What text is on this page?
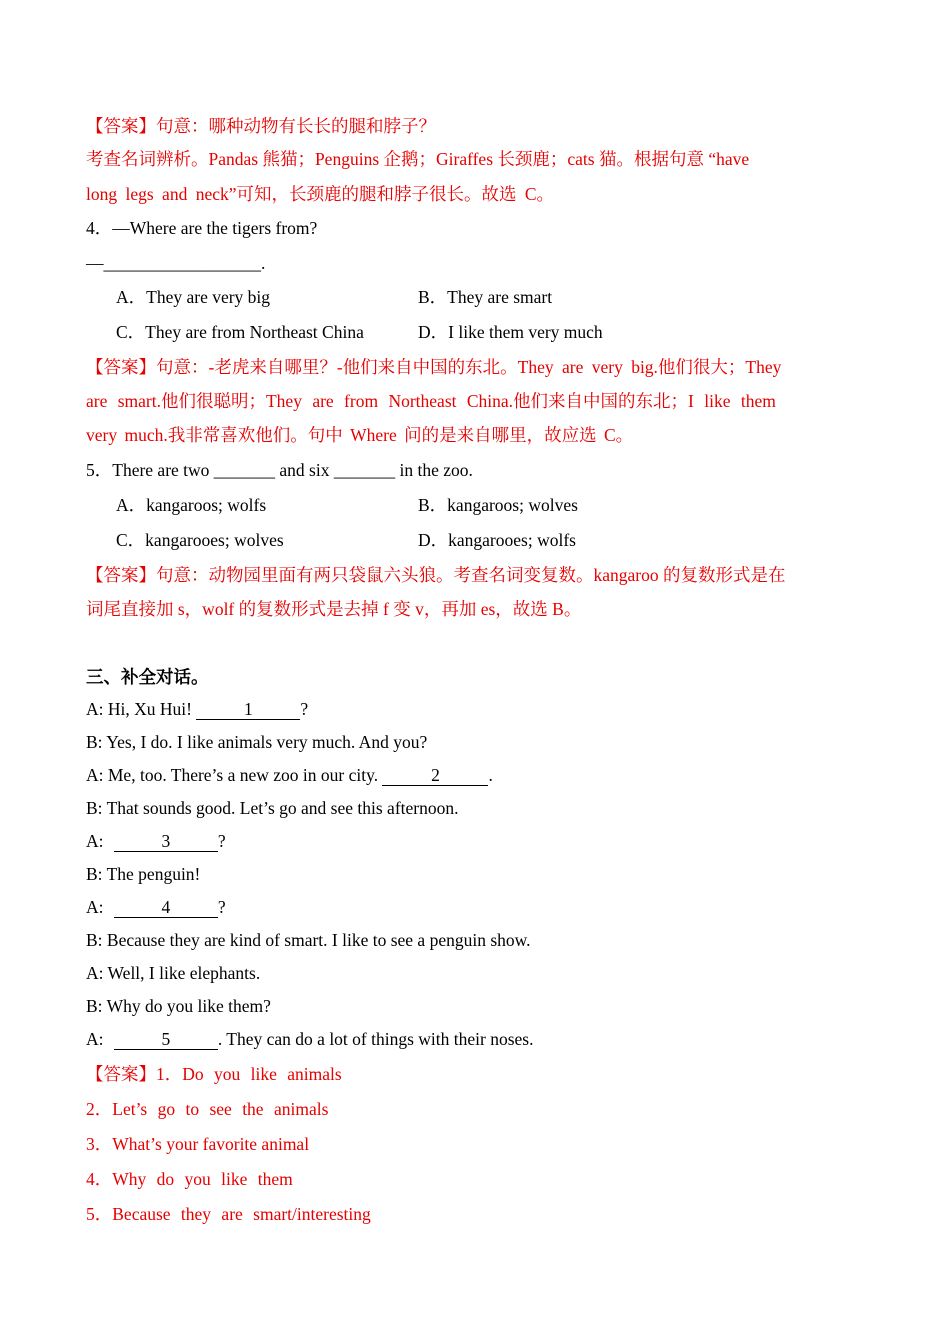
【答案】句意：哪种动物有长长的腿和脖子？
考查名词辨析。Pandas 熊猫；Penguins 企鹅；Giraffes 长颈鹿；cats 猫。根据句意 “have
long legs and neck”可知，长颈鹿的腿和脖子很长。故选 C。
4．—Where are the tigers from?
—__________________.
A．They are very big	B．They are smart
C．They are from Northeast China	D．I like them very much
【答案】句意：-老虎来自哪里？-他们来自中国的东北。They are very big.他们很大；They
are smart.他们很聪明；They are from Northeast China.他们来自中国的东北；I like them
very much.我非常喜欢他们。句中 Where 问的是来自哪里，故应选 C。
5．There are two _______ and six _______ in the zoo.
A．kangaroos; wolfs	B．kangaroos; wolves
C．kangarooes; wolves	D．kangarooes; wolfs
【答案】句意：动物园里面有两只袋鼠六头狼。考查名词变复数。kangaroo 的复数形式是在
词尾直接加 s，wolf 的复数形式是去掉 f 变 v，再加 es，故选 B。
三、补全对话。
A: Hi, Xu Hui!	1	?
B: Yes, I do. I like animals very much. And you?
A: Me, too. There’s a new zoo in our city.	2	.
B: That sounds good. Let’s go and see this afternoon.
A:	3	?
B: The penguin!
A:	4	?
B: Because they are kind of smart. I like to see a penguin show.
A: Well, I like elephants.
B: Why do you like them?
A:	5	. They can do a lot of things with their noses.
【答案】1．Do you like animals
2．Let’s go to see the animals
3．What’s your favorite animal
4．Why do you like them
5．Because they are smart/interesting
